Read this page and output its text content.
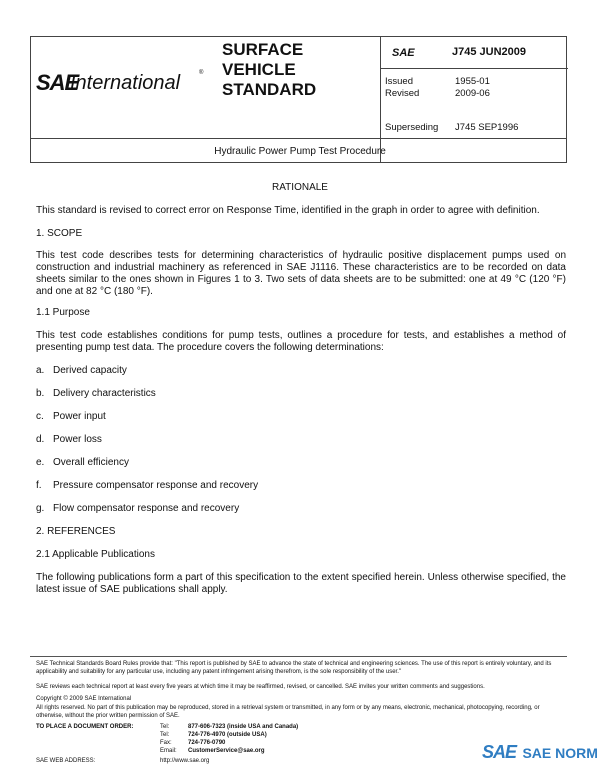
SAE
International	®
SURFACE
VEHICLE
STANDARD
SAE	J745 JUN2009
Issued	1955-01
Revised	2009-06
Superseding J745 SEP1996
Hydraulic Power Pump Test Procedure
RATIONALE
This standard is revised to correct error on Response Time, identified in the graph in order to agree with definition.
1. SCOPE
This test code describes tests for determining characteristics of hydraulic positive displacement pumps used on construction and industrial machinery as referenced in SAE J1116. These characteristics are to be recorded on data sheets similar to the ones shown in Figures 1 to 3. Two sets of data sheets are to be submitted: one at 49 °C (120 °F) and one at 82 °C (180 °F).
1.1 Purpose
This test code establishes conditions for pump tests, outlines a procedure for tests, and establishes a method of presenting pump test data. The procedure covers the following determinations:
a. Derived capacity
b. Delivery characteristics
c. Power input
d. Power loss
e. Overall efficiency
f. Pressure compensator response and recovery
g. Flow compensator response and recovery
2. REFERENCES
2.1 Applicable Publications
The following publications form a part of this specification to the extent specified herein. Unless otherwise specified, the latest issue of SAE publications shall apply.
SAE Technical Standards Board Rules provide that: "This report is published by SAE to advance the state of technical and engineering sciences. The use of this report is entirely voluntary, and its applicability and suitability for any particular use, including any patent infringement arising therefrom, is the sole responsibility of the user."
SAE reviews each technical report at least every five years at which time it may be reaffirmed, revised, or cancelled. SAE invites your written comments and suggestions.
Copyright © 2009 SAE International
All rights reserved. No part of this publication may be reproduced, stored in a retrieval system or transmitted, in any form or by any means, electronic, mechanical, photocopying, recording, or otherwise, without the prior written permission of SAE.
TO PLACE A DOCUMENT ORDER:	Tel:	877-606-7323 (inside USA and Canada)
Tel:	724-776-4970 (outside USA)
Fax:	724-776-0790
Email:	CustomerService@sae.org
SAE WEB ADDRESS:	http://www.sae.org	SAE SAE NORM
